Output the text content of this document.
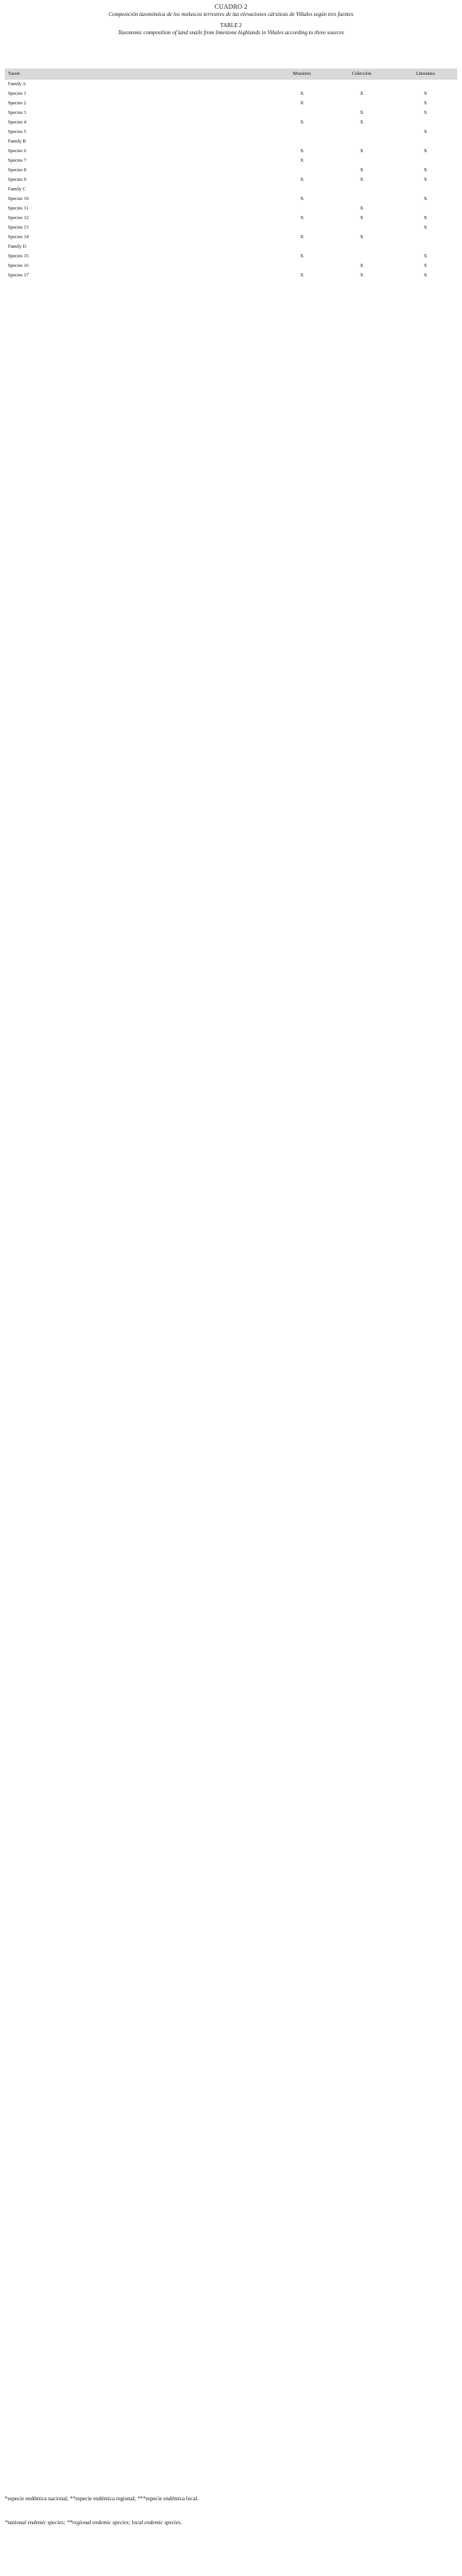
CUADRO 2
Composición taxonómica de los moluscos terrestres de las elevaciones cársticas de Viñales según tres fuentes
TABLE 2
Taxonomic composition of land snails from limestone highlands in Viñales according to three sources
Taxon	Muestreo	Colección	Literatura
Family A			
Species 1	X	X	X
Species 2	X		X
Species 3		X	X
Species 4	X	X	
Species 5			X
Family B			
Species 6	X	X	X
Species 7	X		
Species 8		X	X
Species 9	X	X	X
Family C			
Species 10	X		X
Species 11		X	
Species 12	X	X	X
Species 13			X
Species 14	X	X	
Family D			
Species 15	X		X
Species 16		X	X
Species 17	X	X	X
*especie endémica nacional; **especie endémica regional; ***especie endémica local.
*national endemic species; **regional endemic species; local endemic species.
